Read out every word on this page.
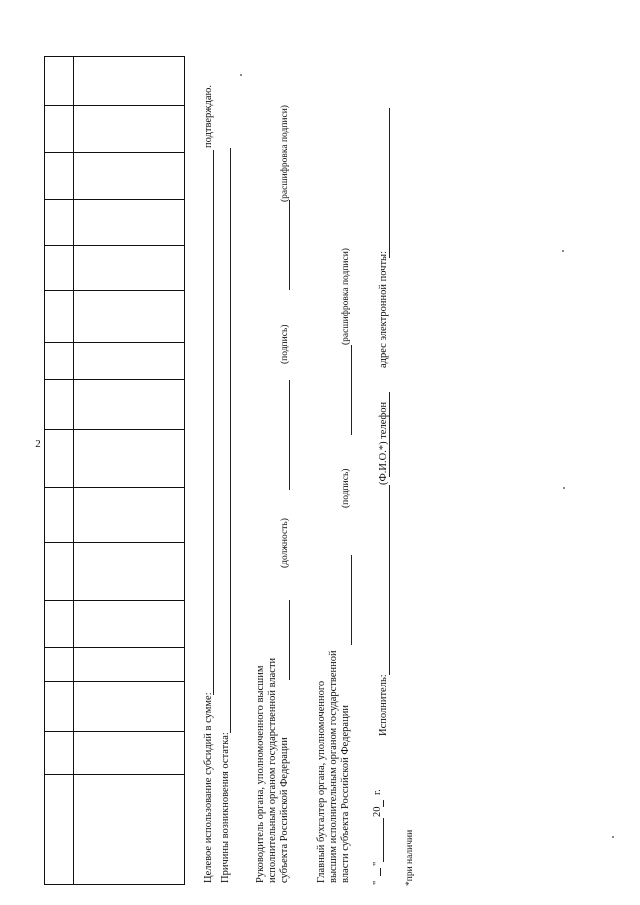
2
Целевое использование субсидий в сумме:
подтверждаю.
Причины возникновения остатка: Руководитель органа, уполномоченного высшим исполнительным органом государственной власти субъекта Российской Федерации
(должность)
(подпись)
(расшифровка подписи)
Главный бухгалтер органа, уполномоченного высшим исполнительным органом государственной власти субъекта Российской Федерации
(подпись)
(расшифровка подписи)
Исполнитель:
(Ф.И.О.*) телефон
адрес электронной почты:
"
"
20
г.
*при наличии
